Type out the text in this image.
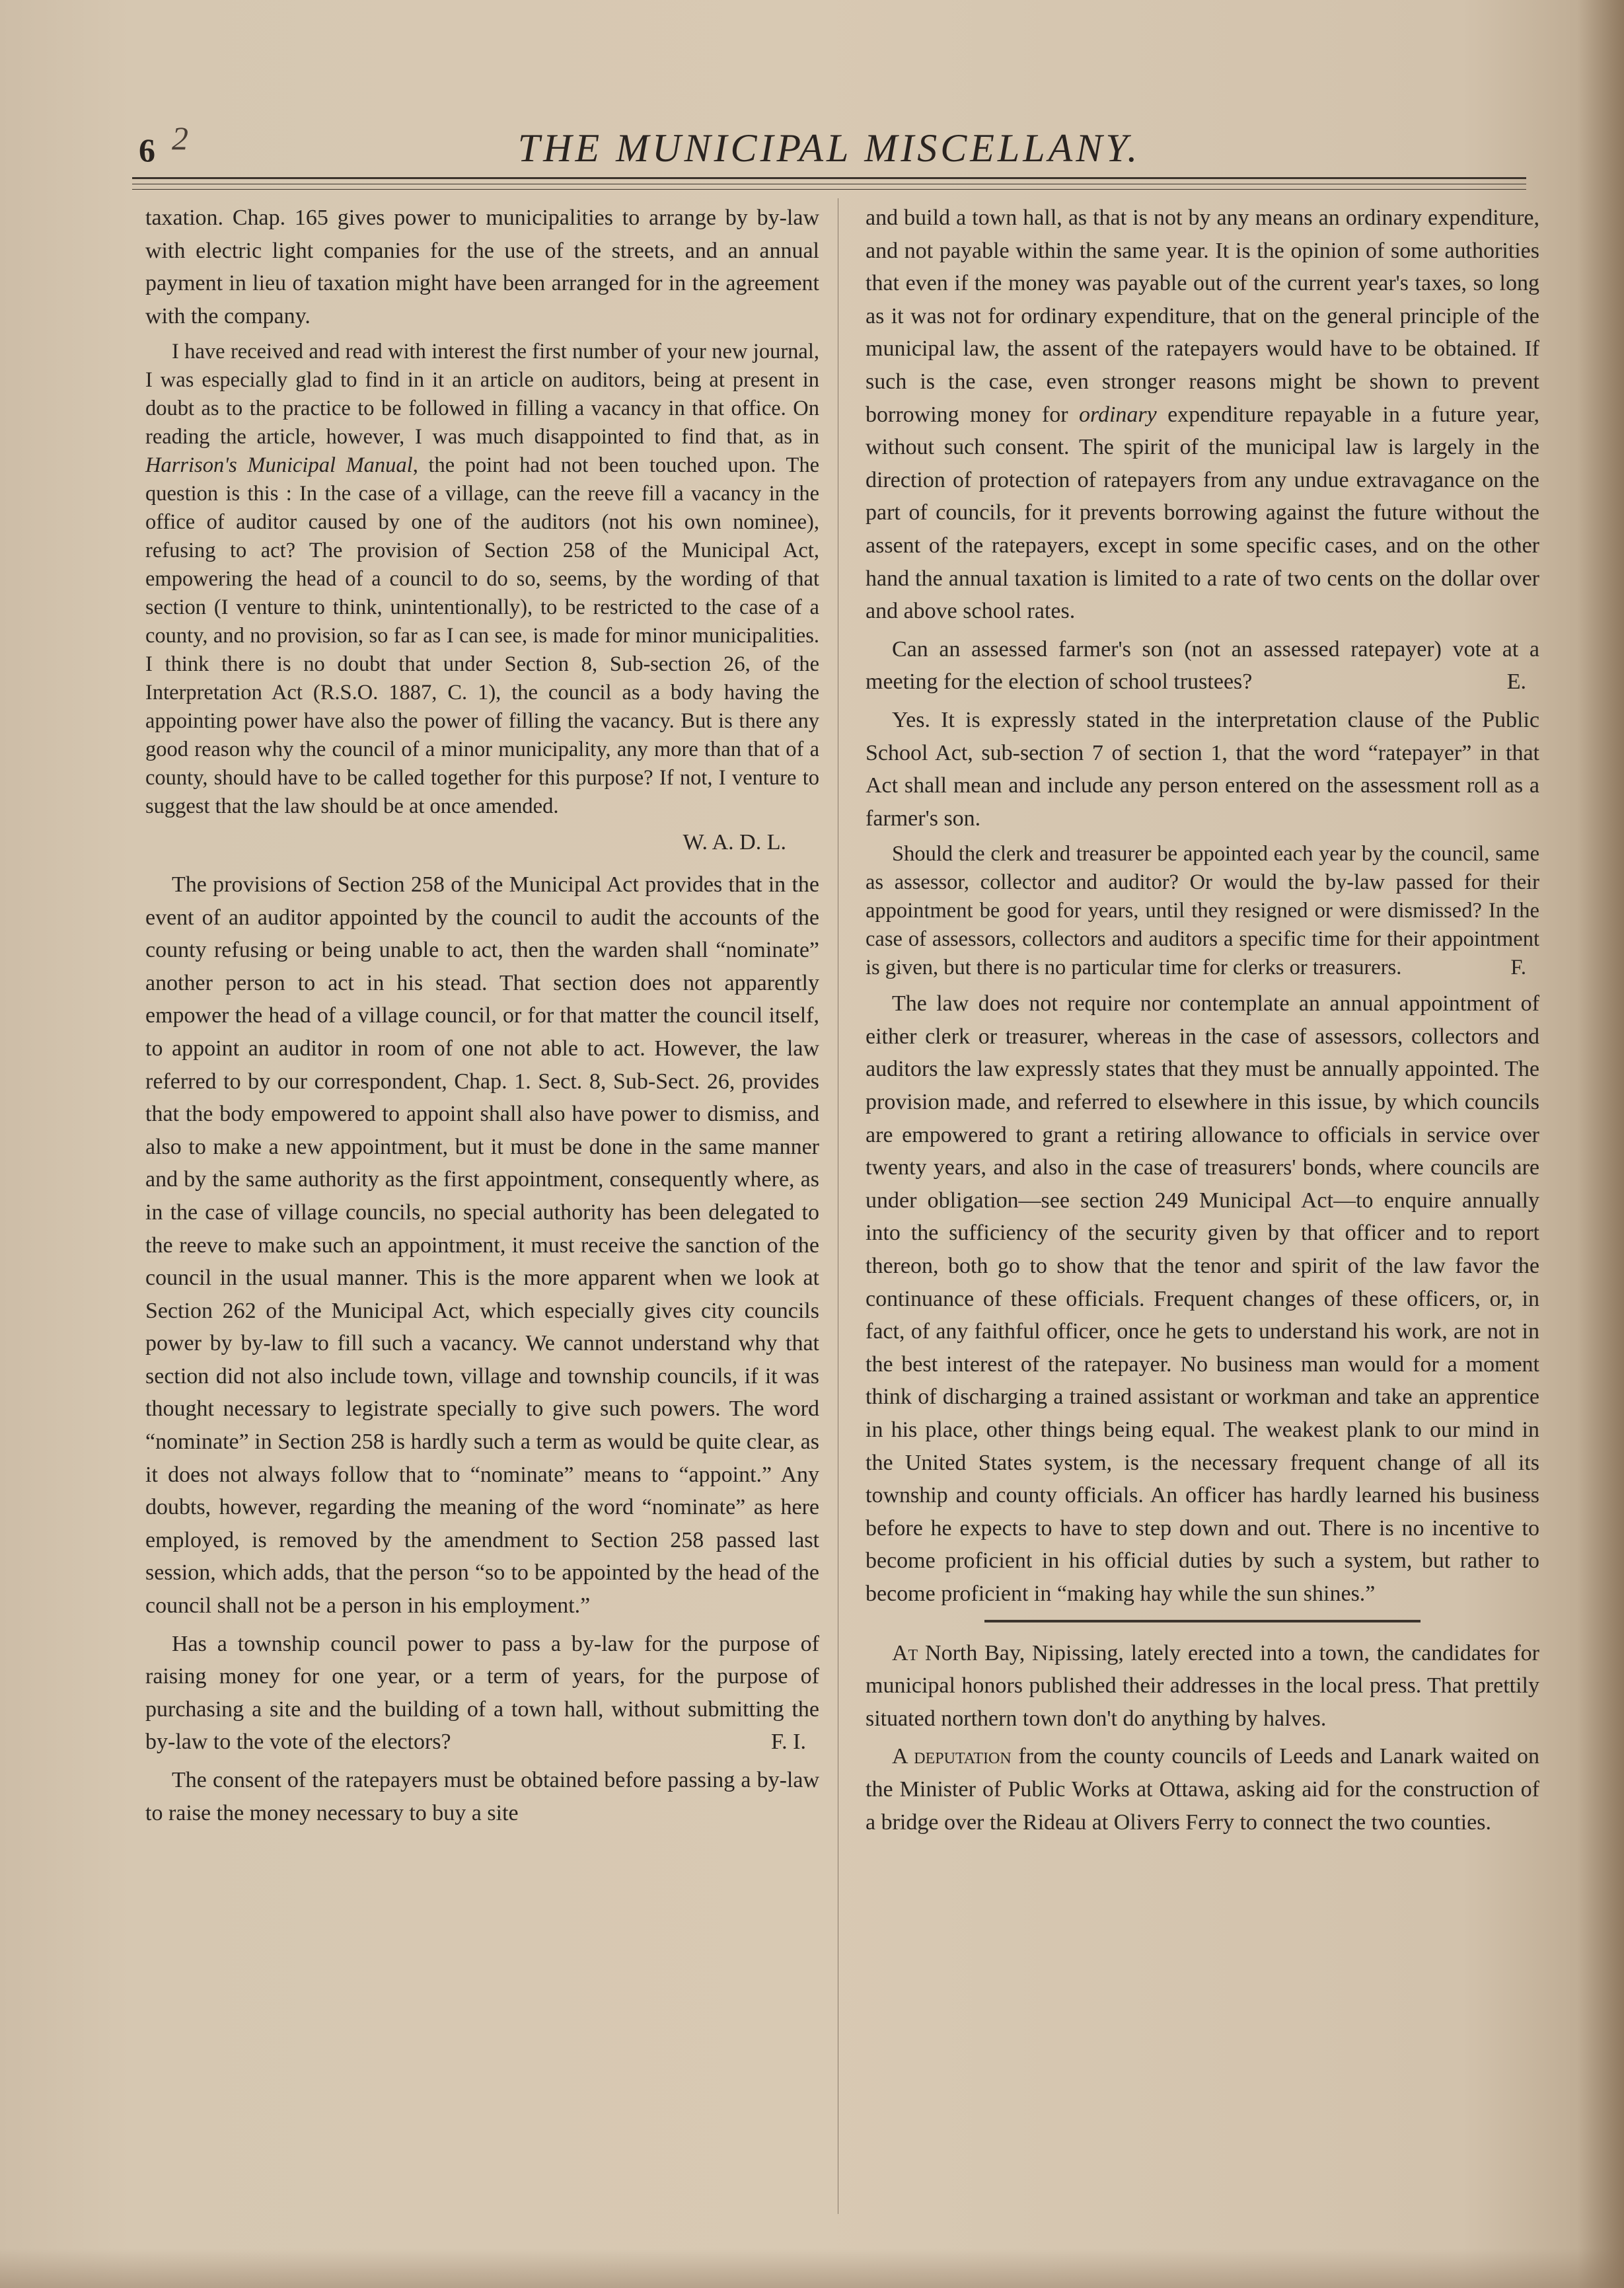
6 2	THE MUNICIPAL MISCELLANY.

taxation. Chap. 165 gives power to municipalities to arrange by by-law with electric light companies for the use of the streets, and an annual payment in lieu of taxation might have been arranged for in the agreement with the company.

I have received and read with interest the first number of your new journal, I was especially glad to find in it an article on auditors, being at present in doubt as to the practice to be followed in filling a vacancy in that office. On reading the article, however, I was much disappointed to find that, as in Harrison's Municipal Manual, the point had not been touched upon. The question is this : In the case of a village, can the reeve fill a vacancy in the office of auditor caused by one of the auditors (not his own nominee), refusing to act? The provision of Section 258 of the Municipal Act, empowering the head of a council to do so, seems, by the wording of that section (I venture to think, unintentionally), to be restricted to the case of a county, and no provision, so far as I can see, is made for minor municipalities. I think there is no doubt that under Section 8, Sub-section 26, of the Interpretation Act (R.S.O. 1887, C. 1), the council as a body having the appointing power have also the power of filling the vacancy. But is there any good reason why the council of a minor municipality, any more than that of a county, should have to be called together for this purpose? If not, I venture to suggest that the law should be at once amended.

W. A. D. L.

The provisions of Section 258 of the Municipal Act provides that in the event of an auditor appointed by the council to audit the accounts of the county refusing or being unable to act, then the warden shall “nominate” another person to act in his stead. That section does not apparently empower the head of a village council, or for that matter the council itself, to appoint an auditor in room of one not able to act. However, the law referred to by our correspondent, Chap. 1. Sect. 8, Sub-Sect. 26, provides that the body empowered to appoint shall also have power to dismiss, and also to make a new appointment, but it must be done in the same manner and by the same authority as the first appointment, consequently where, as in the case of village councils, no special authority has been delegated to the reeve to make such an appointment, it must receive the sanction of the council in the usual manner. This is the more apparent when we look at Section 262 of the Municipal Act, which especially gives city councils power by by-law to fill such a vacancy. We cannot understand why that section did not also include town, village and township councils, if it was thought necessary to legistrate specially to give such powers. The word “nominate” in Section 258 is hardly such a term as would be quite clear, as it does not always follow that to “nominate” means to “appoint.” Any doubts, however, regarding the meaning of the word “nominate” as here employed, is removed by the amendment to Section 258 passed last session, which adds, that the person “so to be appointed by the head of the council shall not be a person in his employment.”

Has a township council power to pass a by-law for the purpose of raising money for one year, or a term of years, for the purpose of purchasing a site and the building of a town hall, without submitting the by-law to the vote of the electors?	F. I.

The consent of the ratepayers must be obtained before passing a by-law to raise the money necessary to buy a site

and build a town hall, as that is not by any means an ordinary expenditure, and not payable within the same year. It is the opinion of some authorities that even if the money was payable out of the current year's taxes, so long as it was not for ordinary expenditure, that on the general principle of the municipal law, the assent of the ratepayers would have to be obtained. If such is the case, even stronger reasons might be shown to prevent borrowing money for ordinary expenditure repayable in a future year, without such consent. The spirit of the municipal law is largely in the direction of protection of ratepayers from any undue extravagance on the part of councils, for it prevents borrowing against the future without the assent of the ratepayers, except in some specific cases, and on the other hand the annual taxation is limited to a rate of two cents on the dollar over and above school rates.

Can an assessed farmer's son (not an assessed ratepayer) vote at a meeting for the election of school trustees?	E.

Yes. It is expressly stated in the interpretation clause of the Public School Act, sub-section 7 of section 1, that the word “ratepayer” in that Act shall mean and include any person entered on the assessment roll as a farmer's son.

Should the clerk and treasurer be appointed each year by the council, same as assessor, collector and auditor? Or would the by-law passed for their appointment be good for years, until they resigned or were dismissed? In the case of assessors, collectors and auditors a specific time for their appointment is given, but there is no particular time for clerks or treasurers.	F.

The law does not require nor contemplate an annual appointment of either clerk or treasurer, whereas in the case of assessors, collectors and auditors the law expressly states that they must be annually appointed. The provision made, and referred to elsewhere in this issue, by which councils are empowered to grant a retiring allowance to officials in service over twenty years, and also in the case of treasurers' bonds, where councils are under obligation—see section 249 Municipal Act—to enquire annually into the sufficiency of the security given by that officer and to report thereon, both go to show that the tenor and spirit of the law favor the continuance of these officials. Frequent changes of these officers, or, in fact, of any faithful officer, once he gets to understand his work, are not in the best interest of the ratepayer. No business man would for a moment think of discharging a trained assistant or workman and take an apprentice in his place, other things being equal. The weakest plank to our mind in the United States system, is the necessary frequent change of all its township and county officials. An officer has hardly learned his business before he expects to have to step down and out. There is no incentive to become proficient in his official duties by such a system, but rather to become proficient in “making hay while the sun shines.”

At North Bay, Nipissing, lately erected into a town, the candidates for municipal honors published their addresses in the local press. That prettily situated northern town don't do anything by halves.

A deputation from the county councils of Leeds and Lanark waited on the Minister of Public Works at Ottawa, asking aid for the construction of a bridge over the Rideau at Olivers Ferry to connect the two counties.
